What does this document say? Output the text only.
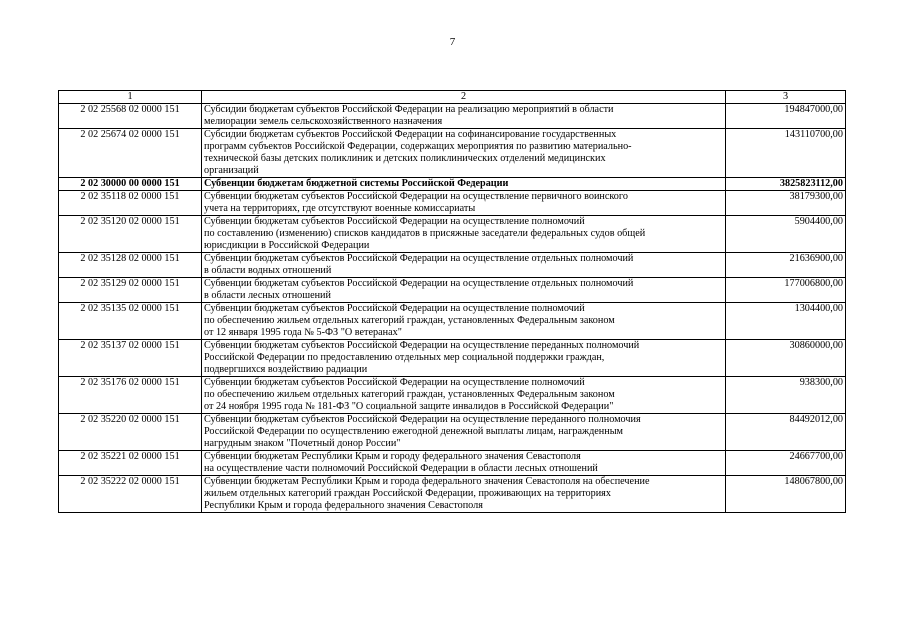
7
1	2	3
2 02 25568 02 0000 151	Субсидии бюджетам субъектов Российской Федерации на реализацию мероприятий в области
мелиорации земель сельскохозяйственного назначения	194847000,00
2 02 25674 02 0000 151	Субсидии бюджетам субъектов Российской Федерации на софинансирование государственных
программ субъектов Российской Федерации, содержащих мероприятия по развитию материально-
технической базы детских поликлиник и детских поликлинических отделений медицинских
организаций	143110700,00
2 02 30000 00 0000 151	Субвенции бюджетам бюджетной системы Российской Федерации	3825823112,00
2 02 35118 02 0000 151	Субвенции бюджетам субъектов Российской Федерации на осуществление первичного воинского
учета на территориях, где отсутствуют военные комиссариаты	38179300,00
2 02 35120 02 0000 151	Субвенции бюджетам субъектов Российской Федерации на осуществление полномочий
по составлению (изменению) списков кандидатов в присяжные заседатели федеральных судов общей
юрисдикции в Российской Федерации	5904400,00
2 02 35128 02 0000 151	Субвенции бюджетам субъектов Российской Федерации на осуществление отдельных полномочий
в области водных отношений	21636900,00
2 02 35129 02 0000 151	Субвенции бюджетам субъектов Российской Федерации на осуществление отдельных полномочий
в области лесных отношений	177006800,00
2 02 35135 02 0000 151	Субвенции бюджетам субъектов Российской Федерации на осуществление полномочий
по обеспечению жильем отдельных категорий граждан, установленных Федеральным законом
от 12 января 1995 года № 5-ФЗ "О ветеранах"	1304400,00
2 02 35137 02 0000 151	Субвенции бюджетам субъектов Российской Федерации на осуществление переданных полномочий
Российской Федерации по предоставлению отдельных мер социальной поддержки граждан,
подвергшихся воздействию радиации	30860000,00
2 02 35176 02 0000 151	Субвенции бюджетам субъектов Российской Федерации на осуществление полномочий
по обеспечению жильем отдельных категорий граждан, установленных Федеральным законом
от 24 ноября 1995 года № 181-ФЗ "О социальной защите инвалидов в Российской Федерации"	938300,00
2 02 35220 02 0000 151	Субвенции бюджетам субъектов Российской Федерации на осуществление переданного полномочия
Российской Федерации по осуществлению ежегодной денежной выплаты лицам, награжденным
нагрудным знаком "Почетный донор России"	84492012,00
2 02 35221 02 0000 151	Субвенции бюджетам Республики Крым и городу федерального значения Севастополя
на осуществление части полномочий Российской Федерации в области лесных отношений	24667700,00
2 02 35222 02 0000 151	Субвенции бюджетам Республики Крым и города федерального значения Севастополя на обеспечение
жильем отдельных категорий граждан Российской Федерации, проживающих на территориях
Республики Крым и города федерального значения Севастополя	148067800,00
